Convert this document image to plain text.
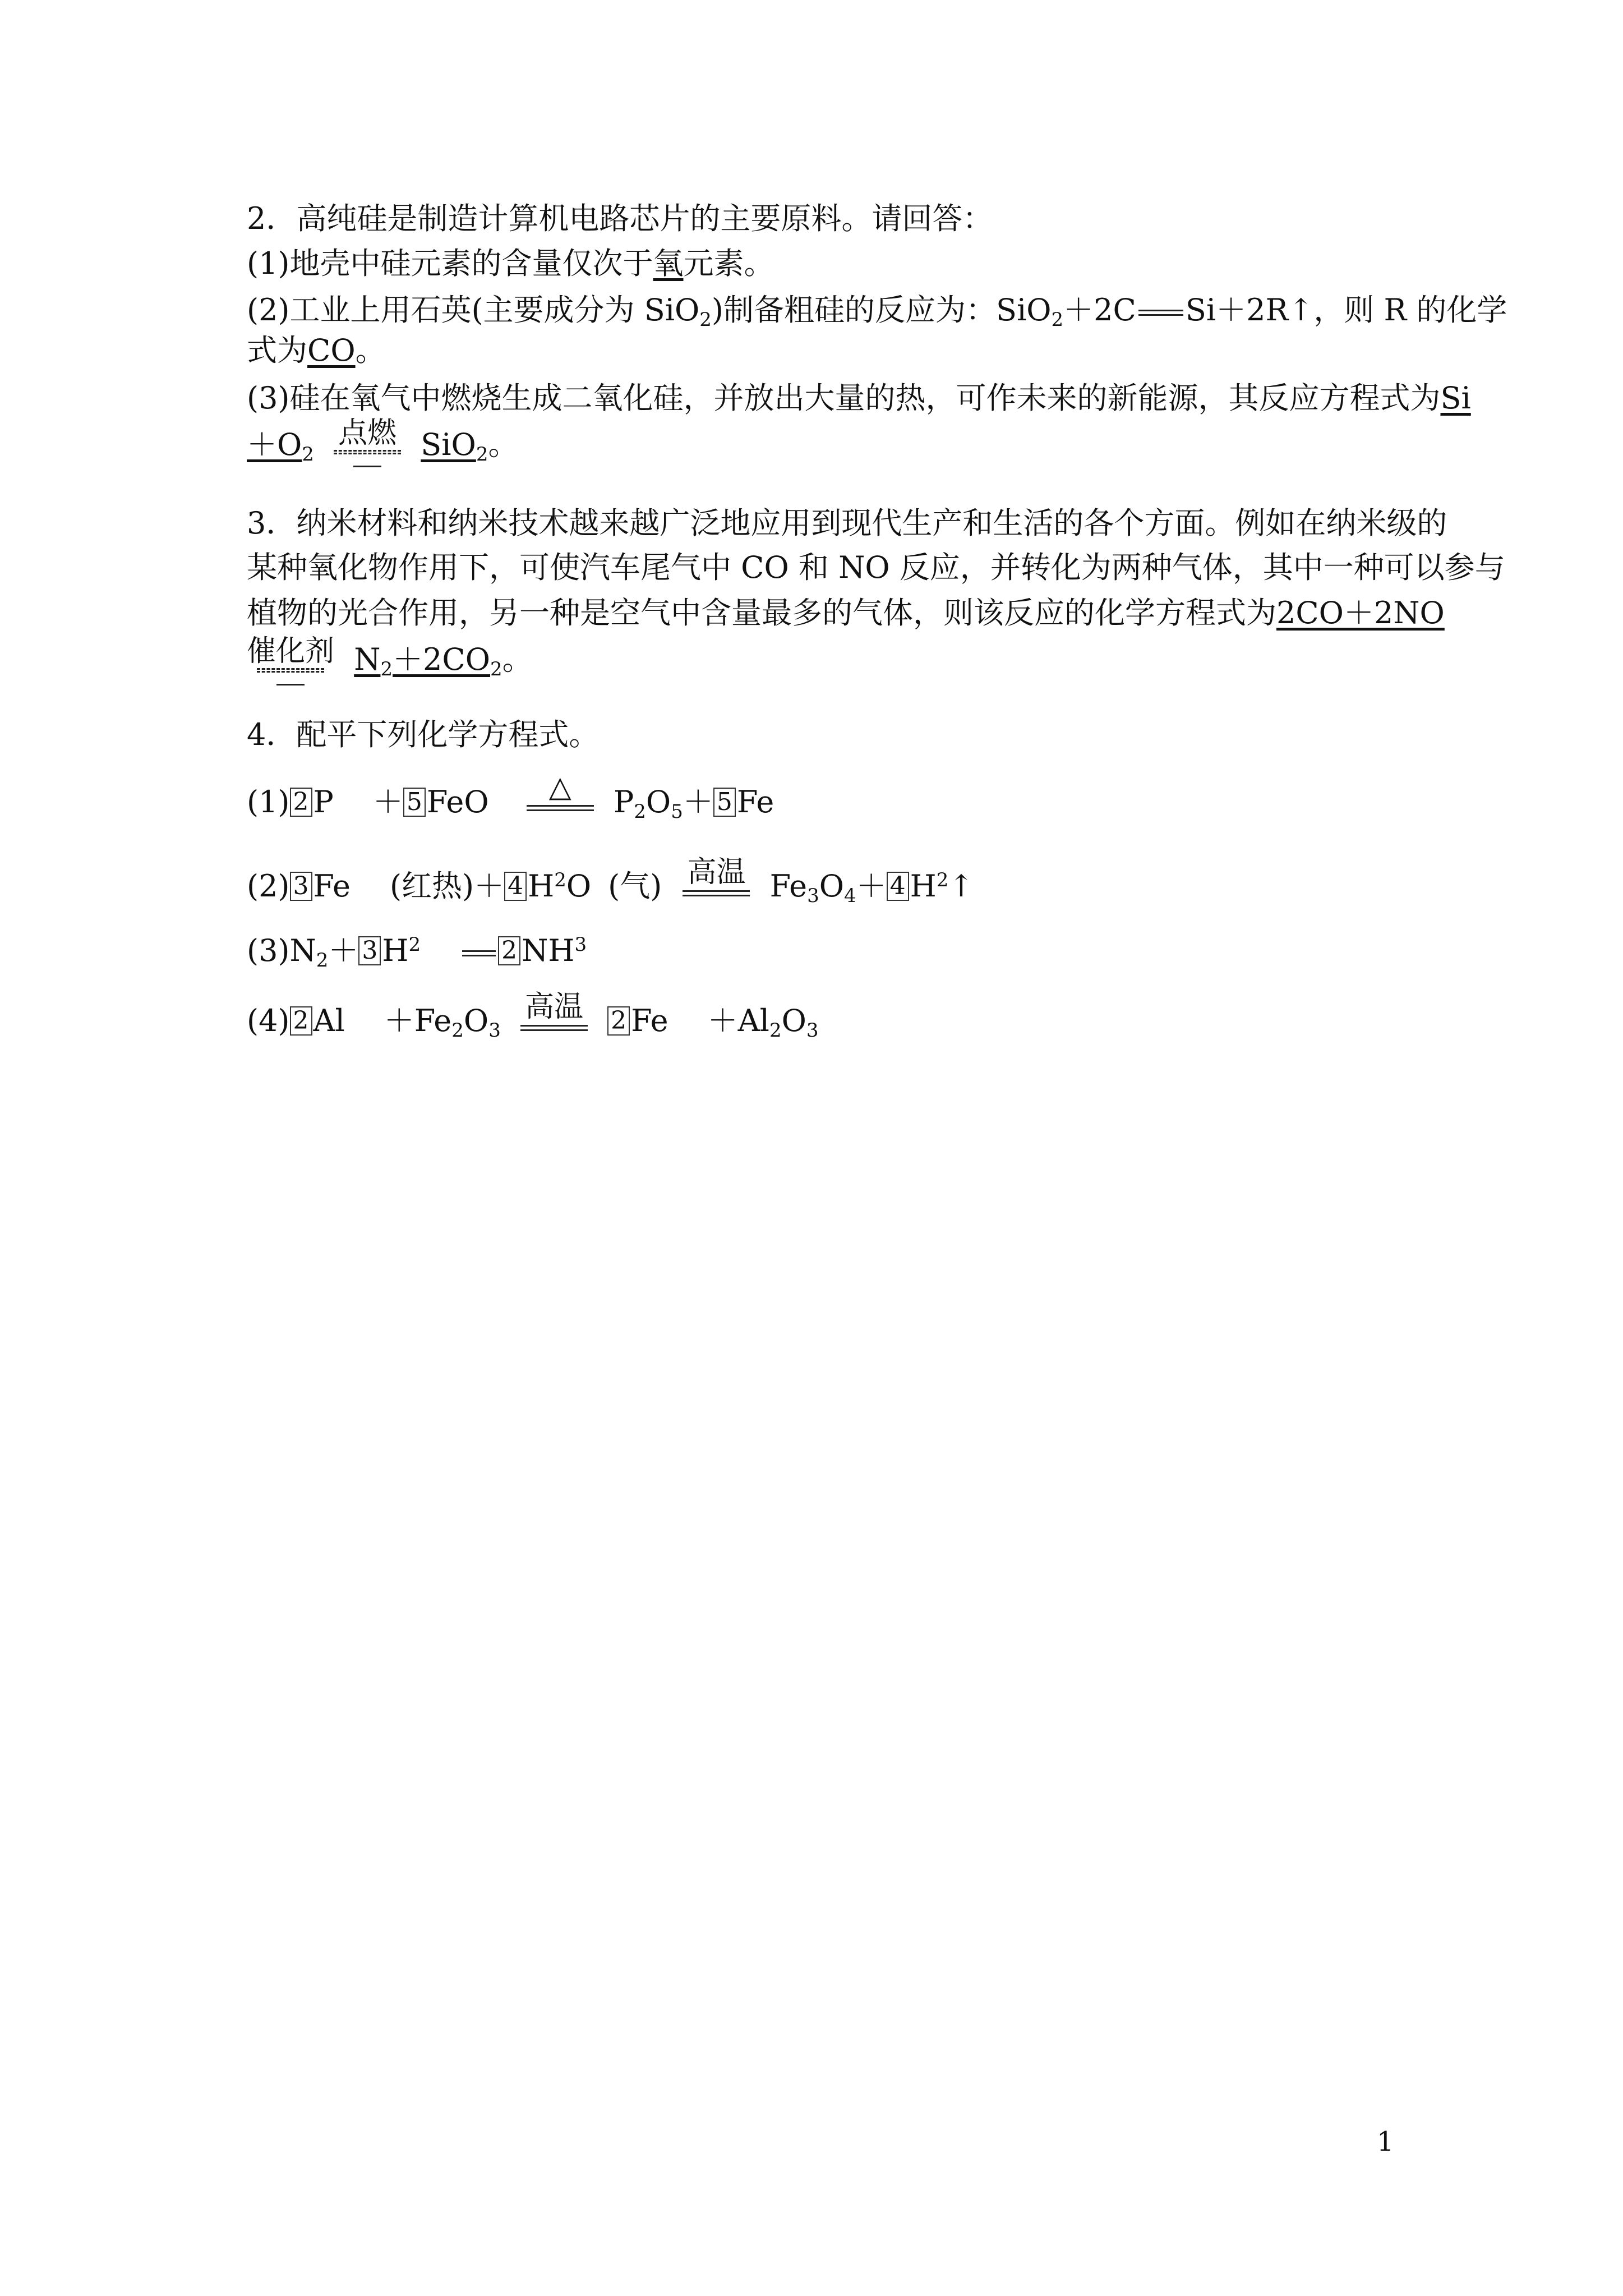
2．高纯硅是制造计算机电路芯片的主要原料。请回答：
(1)地壳中硅元素的含量仅次于氧元素。
(2)工业上用石英(主要成分为 SiO$_2$)制备粗硅的反应为：SiO$_2$＋2C Si＋2R↑，则 R 的化学
式为CO。
(3)硅在氧气中燃烧生成二氧化硅，并放出大量的热，可作未来的新能源，其反应方程式为Si
$+O_2$
点燃 SiO$_2$。
3．纳米材料和纳米技术越来越广泛地应用到现代生产和生活的各个方面。例如在纳米级的
某种氧化物作用下，可使汽车尾气中 CO 和 NO 反应，并转化为两种气体，其中一种可以参与
植物的光合作用，另一种是空气中含量最多的气体，则该反应的化学方程式为2CO＋2NO
催化剂 $N_2+2CO_2$。
4．配平下列化学方程式。
(1) 2 P ＋ 5 FeO	△	$P_2O_5+ 5$ Fe
(2) 3 Fe (红热)＋ 4 $H^2O$ (气) 高温 $Fe_3O_4+ 4$ $H^2↑$
$(3)N_2+ 3$ $H^2$	2 $NH^3$
(4) 2 $Al +Fe_2O_3$
高温 2 $Fe +Al_2O_3$
1
